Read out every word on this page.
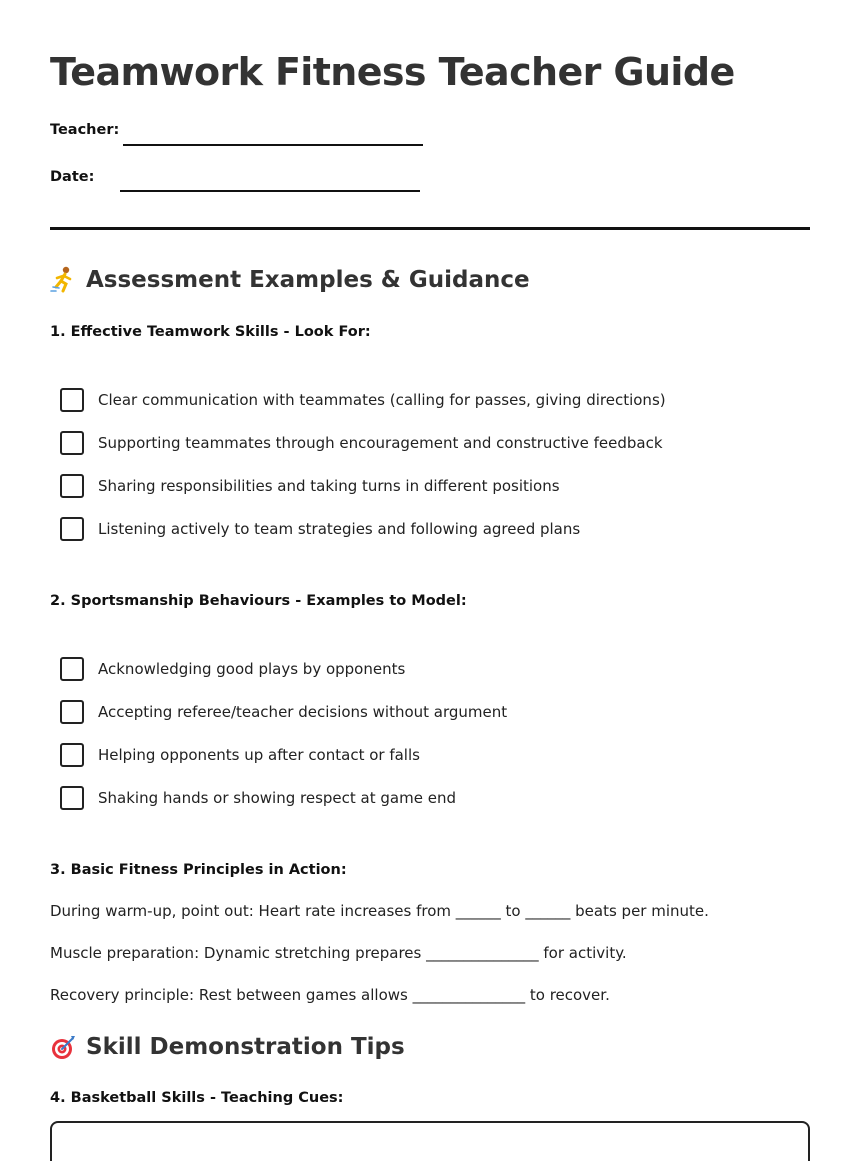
Teamwork Fitness Teacher Guide
Teacher:
Date:
Assessment Examples & Guidance
1. Effective Teamwork Skills - Look For:
Clear communication with teammates (calling for passes, giving directions)
Supporting teammates through encouragement and constructive feedback
Sharing responsibilities and taking turns in different positions
Listening actively to team strategies and following agreed plans
2. Sportsmanship Behaviours - Examples to Model:
Acknowledging good plays by opponents
Accepting referee/teacher decisions without argument
Helping opponents up after contact or falls
Shaking hands or showing respect at game end
3. Basic Fitness Principles in Action:
During warm-up, point out: Heart rate increases from ______ to ______ beats per minute.
Muscle preparation: Dynamic stretching prepares _______________ for activity.
Recovery principle: Rest between games allows _______________ to recover.
Skill Demonstration Tips
4. Basketball Skills - Teaching Cues:
